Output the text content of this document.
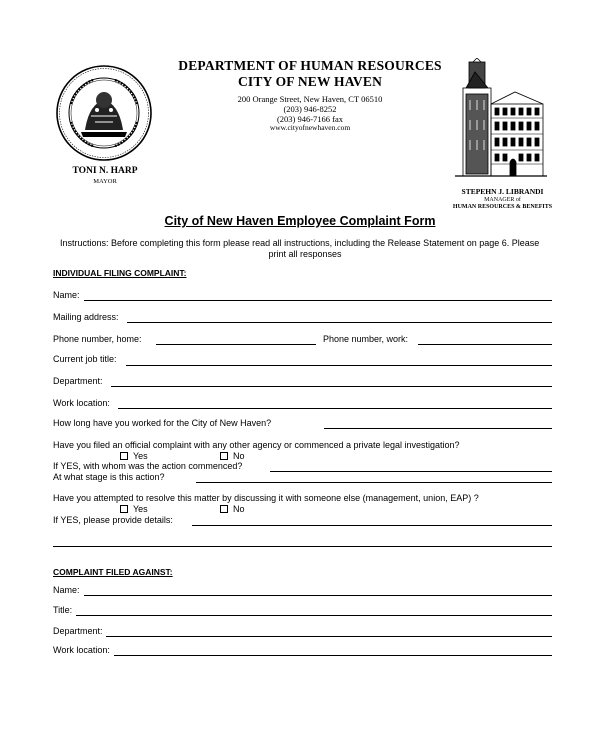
DEPARTMENT OF HUMAN RESOURCES
CITY OF NEW HAVEN
200 Orange Street, New Haven, CT 06510
(203) 946-8252
(203) 946-7166 fax
www.cityofnewhaven.com
TONI N. HARP
MAYOR
STEPEHN J. LIBRANDI
MANAGER of
HUMAN RESOURCES & BENEFITS
City of New Haven Employee Complaint Form
Instructions: Before completing this form please read all instructions, including the Release Statement on page 6. Please
print all responses
INDIVIDUAL FILING COMPLAINT:
Name:
Mailing address:
Phone number, home:	Phone number, work:
Current job title:
Department:
Work location:
How long have you worked for the City of New Haven?
Have you filed an official complaint with any other agency or commenced a private legal investigation?
Yes	No
If YES, with whom was the action commenced?
At what stage is this action?
Have you attempted to resolve this matter by discussing it with someone else (management, union, EAP) ?
Yes	No
If YES, please provide details:
COMPLAINT FILED AGAINST:
Name:
Title:
Department:
Work location:
